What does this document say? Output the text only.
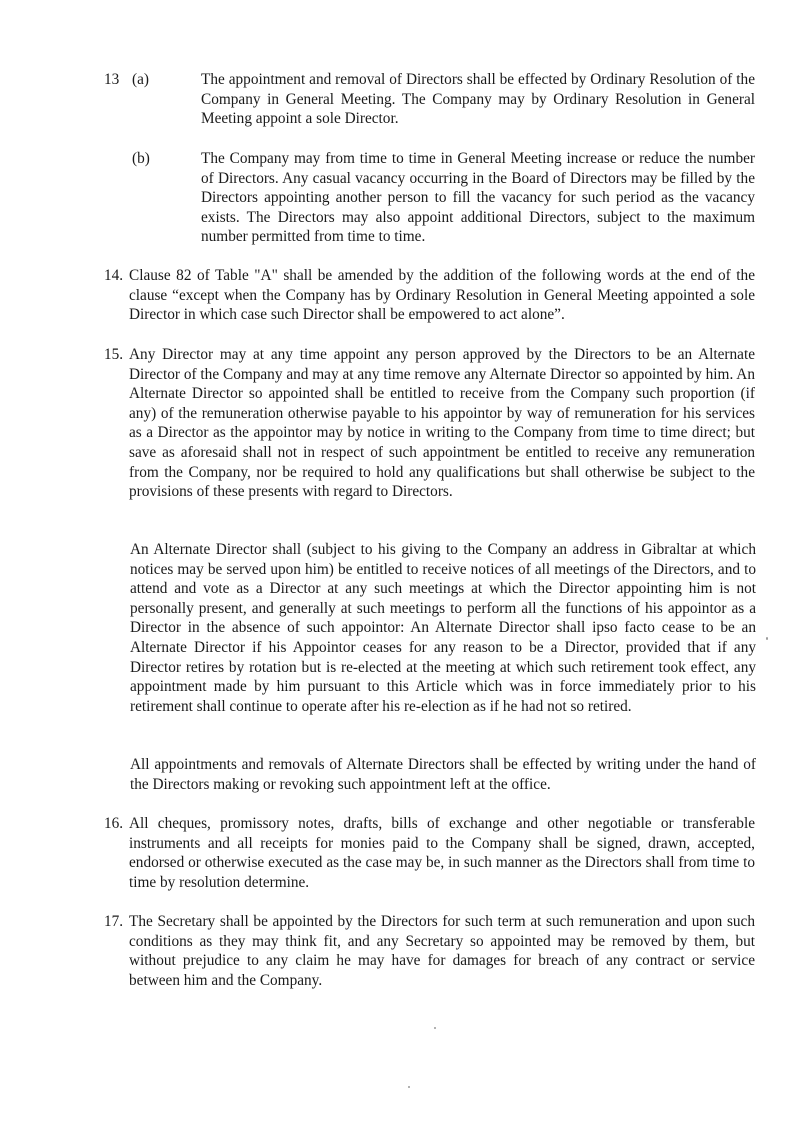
13 (a)	The appointment and removal of Directors shall be effected by Ordinary Resolution of the Company in General Meeting. The Company may by Ordinary Resolution in General Meeting appoint a sole Director.
(b)	The Company may from time to time in General Meeting increase or reduce the number of Directors. Any casual vacancy occurring in the Board of Directors may be filled by the Directors appointing another person to fill the vacancy for such period as the vacancy exists. The Directors may also appoint additional Directors, subject to the maximum number permitted from time to time.
14. Clause 82 of Table "A" shall be amended by the addition of the following words at the end of the clause “except when the Company has by Ordinary Resolution in General Meeting appointed a sole Director in which case such Director shall be empowered to act alone”.
15. Any Director may at any time appoint any person approved by the Directors to be an Alternate Director of the Company and may at any time remove any Alternate Director so appointed by him. An Alternate Director so appointed shall be entitled to receive from the Company such proportion (if any) of the remuneration otherwise payable to his appointor by way of remuneration for his services as a Director as the appointor may by notice in writing to the Company from time to time direct; but save as aforesaid shall not in respect of such appointment be entitled to receive any remuneration from the Company, nor be required to hold any qualifications but shall otherwise be subject to the provisions of these presents with regard to Directors.
An Alternate Director shall (subject to his giving to the Company an address in Gibraltar at which notices may be served upon him) be entitled to receive notices of all meetings of the Directors, and to attend and vote as a Director at any such meetings at which the Director appointing him is not personally present, and generally at such meetings to perform all the functions of his appointor as a Director in the absence of such appointor: An Alternate Director shall ipso facto cease to be an Alternate Director if his Appointor ceases for any reason to be a Director, provided that if any Director retires by rotation but is re-elected at the meeting at which such retirement took effect, any appointment made by him pursuant to this Article which was in force immediately prior to his retirement shall continue to operate after his re-election as if he had not so retired.
All appointments and removals of Alternate Directors shall be effected by writing under the hand of the Directors making or revoking such appointment left at the office.
16. All cheques, promissory notes, drafts, bills of exchange and other negotiable or transferable instruments and all receipts for monies paid to the Company shall be signed, drawn, accepted, endorsed or otherwise executed as the case may be, in such manner as the Directors shall from time to time by resolution determine.
17. The Secretary shall be appointed by the Directors for such term at such remuneration and upon such conditions as they may think fit, and any Secretary so appointed may be removed by them, but without prejudice to any claim he may have for damages for breach of any contract or service between him and the Company.
